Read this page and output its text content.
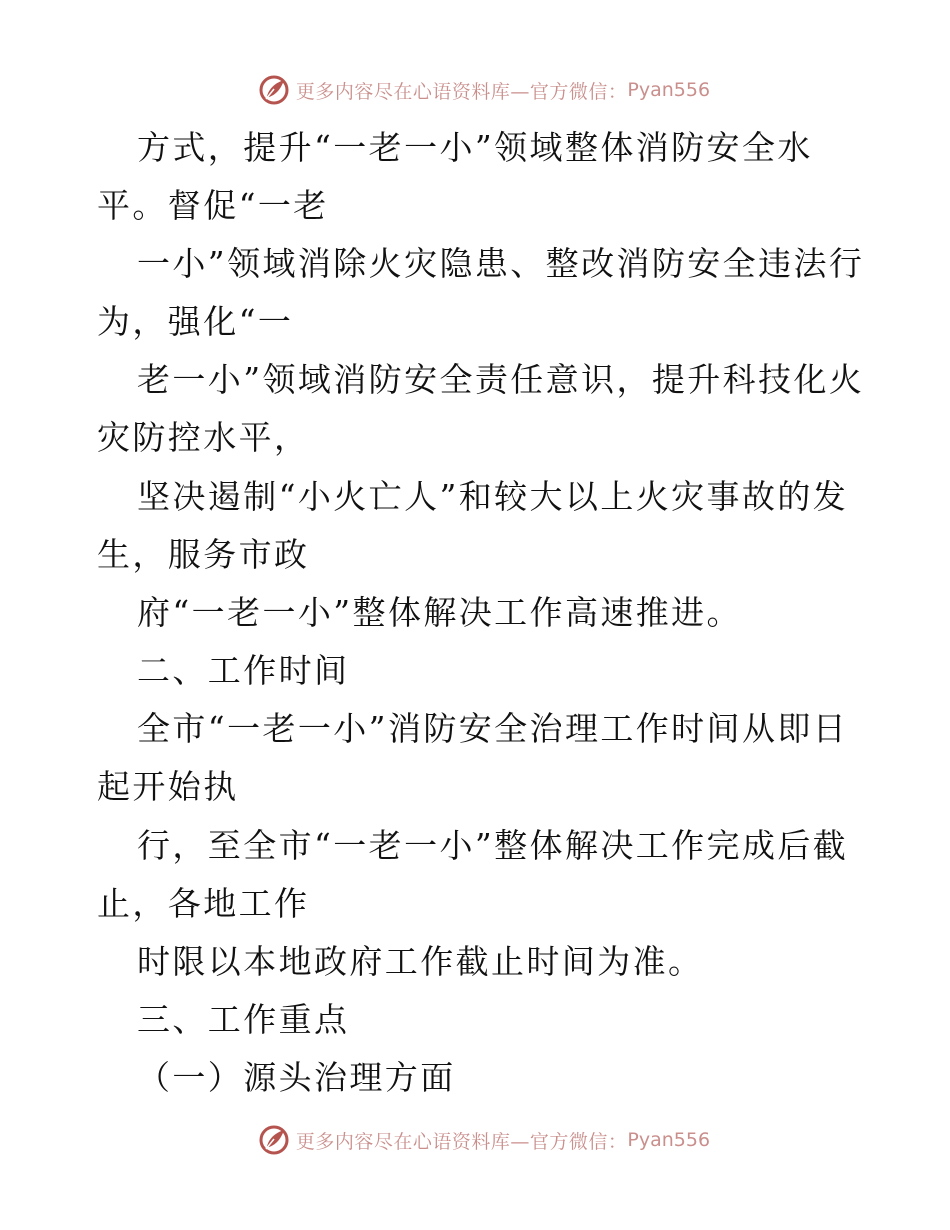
更多内容尽在心语资料库—官方微信： Pyan556
方式，提升“一老一小”领域整体消防安全水
平。督促“一老
一小”领域消除火灾隐患、整改消防安全违法行
为，强化“一
老一小”领域消防安全责任意识，提升科技化火
灾防控水平，
坚决遏制“小火亡人”和较大以上火灾事故的发
生，服务市政
府“一老一小”整体解决工作高速推进。
二、工作时间
全市“一老一小”消防安全治理工作时间从即日
起开始执
行，至全市“一老一小”整体解决工作完成后截
止，各地工作
时限以本地政府工作截止时间为准。
三、工作重点
（一）源头治理方面
更多内容尽在心语资料库—官方微信： Pyan556
